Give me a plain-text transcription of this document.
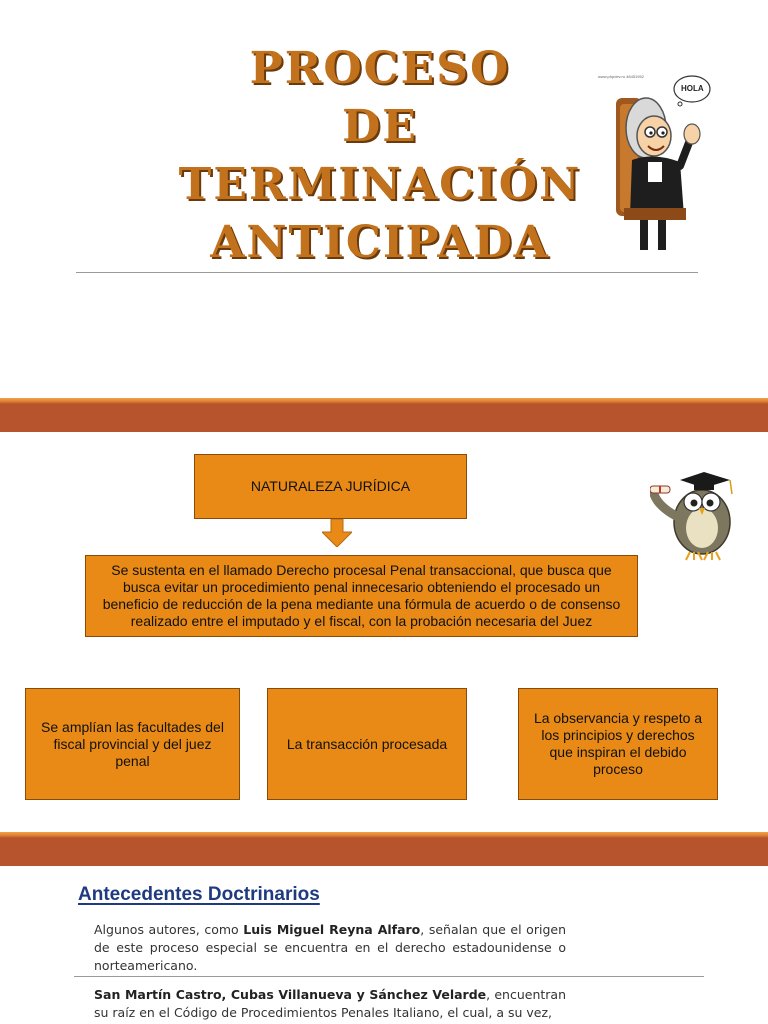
PROCESO
DE
TERMINACIÓN
ANTICIPADA
www.phpdev.ru 48451952
HOLA
NATURALEZA JURÍDICA
Se sustenta en el llamado Derecho procesal Penal transaccional, que busca que busca evitar un procedimiento penal innecesario obteniendo el procesado un beneficio de reducción de la pena mediante una fórmula de acuerdo o de consenso realizado entre el imputado y el fiscal, con la probación necesaria del Juez
Se amplían las facultades del fiscal provincial y del juez penal
La transacción procesada
La observancia y respeto a los principios y derechos que inspiran el debido proceso
Antecedentes Doctrinarios
Algunos autores, como Luis Miguel Reyna Alfaro, señalan que el origen de este proceso especial se encuentra en el derecho estadounidense o norteamericano.
San Martín Castro, Cubas Villanueva y Sánchez Velarde, encuentran su raíz en el Código de Procedimientos Penales Italiano, el cual, a su vez,
